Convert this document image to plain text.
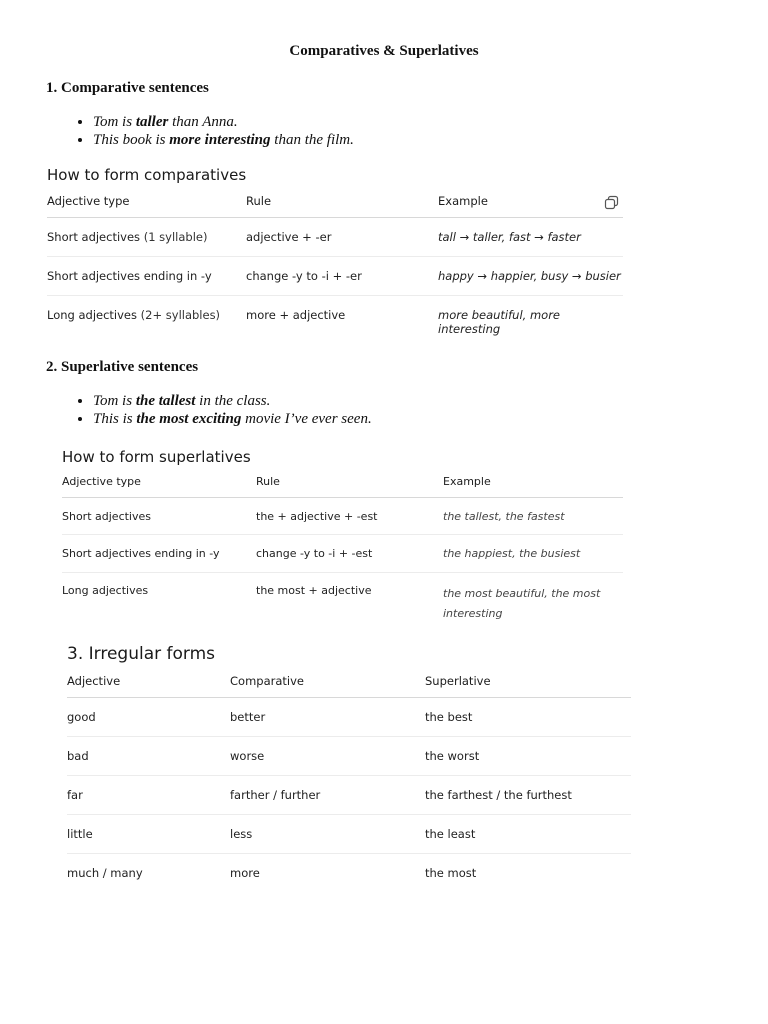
Comparatives & Superlatives
1. Comparative sentences
• Tom is taller than Anna.
• This book is more interesting than the film.
How to form comparatives
Adjective type	Rule	Example
Short adjectives (1 syllable)	adjective + -er	tall → taller, fast → faster
Short adjectives ending in -y	change -y to -i + -er	happy → happier, busy → busier
Long adjectives (2+ syllables)	more + adjective	more beautiful, more interesting
2. Superlative sentences
• Tom is the tallest in the class.
• This is the most exciting movie I’ve ever seen.
How to form superlatives
Adjective type	Rule	Example
Short adjectives	the + adjective + -est	the tallest, the fastest
Short adjectives ending in -y	change -y to -i + -est	the happiest, the busiest
Long adjectives	the most + adjective	the most beautiful, the most interesting
3. Irregular forms
Adjective	Comparative	Superlative
good	better	the best
bad	worse	the worst
far	farther / further	the farthest / the furthest
little	less	the least
much / many	more	the most
